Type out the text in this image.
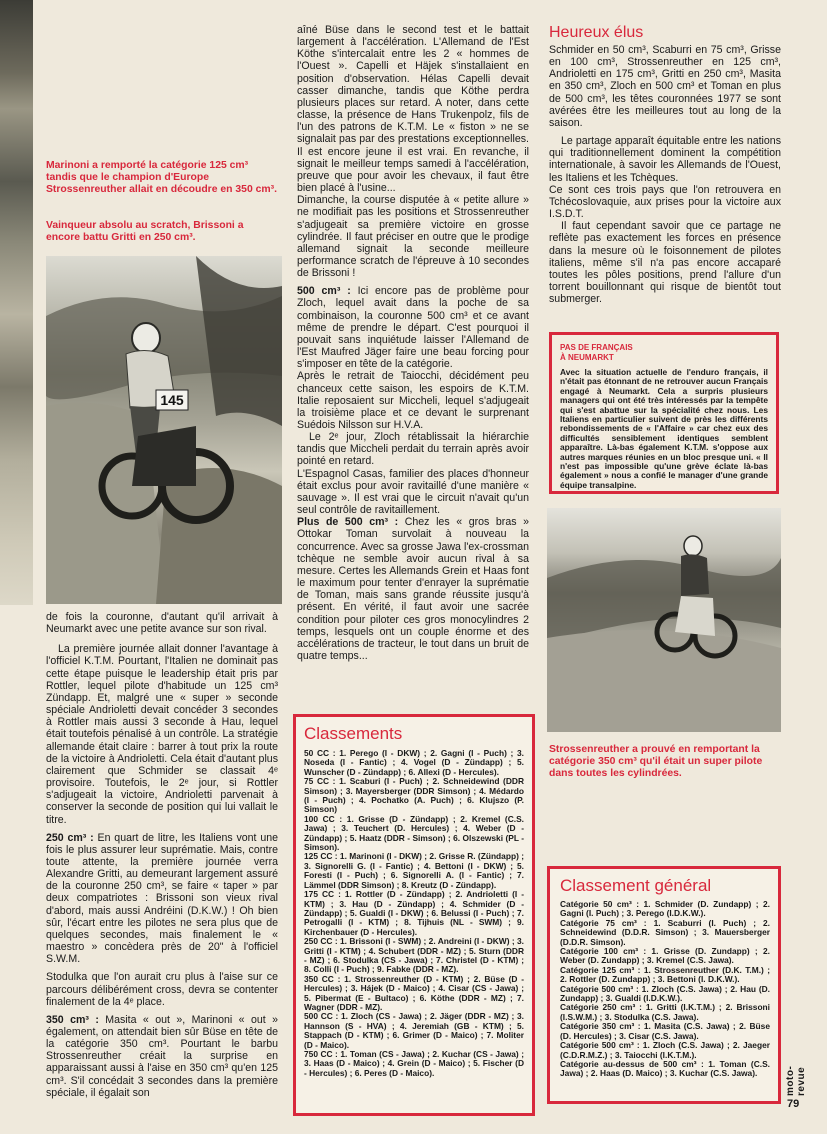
Marinoni a remporté la catégorie 125 cm³ tandis que le champion d'Europe Strossenreuther allait en découdre en 350 cm³.
Vainqueur absolu au scratch, Brissoni a encore battu Gritti en 250 cm³.
145

de fois la couronne, d'autant qu'il arrivait à Neumarkt avec une petite avance sur son rival.

La première journée allait donner l'avantage à l'officiel K.T.M. Pourtant, l'Italien ne dominait pas cette étape puisque le leadership était pris par Rottler, lequel pilote d'habitude un 125 cm³ Zündapp. Et, malgré une « super » seconde spéciale Andrioletti devait concéder 3 secondes à Rottler mais aussi 3 seconde à Hau, lequel était toutefois pénalisé à un contrôle. La stratégie allemande était claire : barrer à tout prix la route de la victoire à Andrioletti. Cela était d'autant plus clairement que Schmider se classait 4ᵉ provisoire. Toutefois, le 2ᵉ jour, si Rottler s'adjugeait la victoire, Andrioletti parvenait à conserver la seconde de position qui lui vallait le titre.

250 cm³ : En quart de litre, les Italiens vont une fois le plus assurer leur suprématie. Mais, contre toute attente, la première journée verra Alexandre Gritti, au demeurant largement assuré de la couronne 250 cm³, se faire « taper » par deux compatriotes : Brissoni son vieux rival d'abord, mais aussi Andréini (D.K.W.) ! Oh bien sûr, l'écart entre les pilotes ne sera plus que de quelques secondes, mais finalement le « maestro » concèdera près de 20" à l'officiel S.W.M.

Stodulka que l'on aurait cru plus à l'aise sur ce parcours délibérément cross, devra se contenter finalement de la 4ᵉ place.

350 cm³ : Masita « out », Marinoni « out » également, on attendait bien sûr Büse en tête de la catégorie 350 cm³. Pourtant le barbu Strossenreuther créait la surprise en apparaissant aussi à l'aise en 350 cm³ qu'en 125 cm³. S'il concédait 3 secondes dans la première spéciale, il égalait son

aîné Büse dans le second test et le battait largement à l'accélération. L'Allemand de l'Est Köthe s'intercalait entre les 2 « hommes de l'Ouest ». Capelli et Häjek s'installaient en position d'observation. Hélas Capelli devait casser dimanche, tandis que Köthe perdra plusieurs places sur retard. A noter, dans cette classe, la présence de Hans Trukenpolz, fils de l'un des patrons de K.T.M. Le « fiston » ne se signalait pas par des prestations exceptionnelles. Il est encore jeune il est vrai. En revanche, il signait le meilleur temps samedi à l'accélération, preuve que pour avoir les chevaux, il faut être bien placé à l'usine...

Dimanche, la course disputée à « petite allure » ne modifiait pas les positions et Strossenreuther s'adjugeait sa première victoire en grosse cylindrée. Il faut préciser en outre que le prodige allemand signait la seconde meilleure performance scratch de l'épreuve à 10 secondes de Brissoni !

500 cm³ : Ici encore pas de problème pour Zloch, lequel avait dans la poche de sa combinaison, la couronne 500 cm³ et ce avant même de prendre le départ. C'est pourquoi il pouvait sans inquiétude laisser l'Allemand de l'Est Maufred Jäger faire une beau forcing pour s'imposer en tête de la catégorie.

Après le retrait de Taiocchi, décidément peu chanceux cette saison, les espoirs de K.T.M. Italie reposaient sur Miccheli, lequel s'adjugeait la troisième place et ce devant le surprenant Suédois Nilsson sur H.V.A.

Le 2ᵉ jour, Zloch rétablissait la hiérarchie tandis que Miccheli perdait du terrain après avoir pointé en retard.

L'Espagnol Casas, familier des places d'honneur était exclus pour avoir ravitaillé d'une manière « sauvage ». Il est vrai que le circuit n'avait qu'un seul contrôle de ravitaillement.

Plus de 500 cm³ : Chez les « gros bras » Ottokar Toman survolait à nouveau la concurrence. Avec sa grosse Jawa l'ex-crossman tchèque ne semble avoir aucun rival à sa mesure. Certes les Allemands Grein et Haas font le maximum pour tenter d'enrayer la suprématie de Toman, mais sans grande réussite jusqu'à présent. En vérité, il faut avoir une sacrée condition pour piloter ces gros monocylindres 2 temps, lesquels ont un couple énorme et des accélérations de tracteur, le tout dans un bruit de quatre temps...

Heureux élus

Schmider en 50 cm³, Scaburri en 75 cm³, Grisse en 100 cm³, Strossenreuther en 125 cm³, Andrioletti en 175 cm³, Gritti en 250 cm³, Masita en 350 cm³, Zloch en 500 cm³ et Toman en plus de 500 cm³, les têtes couronnées 1977 se sont avérées être les meilleures tout au long de la saison.

Le partage apparaît équitable entre les nations qui traditionnellement dominent la compétition internationale, à savoir les Allemands de l'Ouest, les Italiens et les Tchèques.

Ce sont ces trois pays que l'on retrouvera en Tchécoslovaquie, aux prises pour la victoire aux I.S.D.T.

Il faut cependant savoir que ce partage ne reflète pas exactement les forces en présence dans la mesure où le foisonnement de pilotes italiens, même s'il n'a pas encore accaparé toutes les pôles positions, prend l'allure d'un torrent bouillonnant qui risque de bientôt tout submerger.

PAS DE FRANÇAIS
À NEUMARKT
Avec la situation actuelle de l'enduro français, il n'était pas étonnant de ne retrouver aucun Français engagé à Neumarkt. Cela a surpris plusieurs managers qui ont été très intéressés par la tempête qui s'est abattue sur la spécialité chez nous. Les Italiens en particulier suivent de près les différents rebondissements de « l'Affaire » car chez eux des difficultés sensiblement identiques semblent apparaître. Là-bas également K.T.M. s'oppose aux autres marques réunies en un bloc presque uni. « Il n'est pas impossible qu'une grève éclate là-bas également » nous a confié le manager d'une grande équipe transalpine.
Strossenreuther a prouvé en remportant la catégorie 350 cm³ qu'il était un super pilote dans toutes les cylindrées.
Classements

50 CC : 1. Perego (I - DKW) ; 2. Gagni (I - Puch) ; 3. Noseda (I - Fantic) ; 4. Vogel (D - Zündapp) ; 5. Wunscher (D - Zündapp) ; 6. Allexi (D - Hercules).

75 CC : 1. Scaburi (I - Puch) ; 2. Schneidewind (DDR Simson) ; 3. Mayersberger (DDR Simson) ; 4. Médardo (I - Puch) ; 4. Pochatko (A. Puch) ; 6. Klujszo (P. Simson)

100 CC : 1. Grisse (D - Zündapp) ; 2. Kremel (C.S. Jawa) ; 3. Teuchert (D. Hercules) ; 4. Weber (D - Zündapp) ; 5. Haatz (DDR - Simson) ; 6. Olszewski (PL - Simson).

125 CC : 1. Marinoni (I - DKW) ; 2. Grisse R. (Zündapp) ; 3. Signorelli G. (I - Fantic) ; 4. Bettoni (I - DKW) ; 5. Foresti (I - Puch) ; 6. Signorelli A. (I - Fantic) ; 7. Lämmel (DDR Simson) ; 8. Kreutz (D - Zündapp).

175 CC : 1. Rottler (D - Zündapp) ; 2. Andrioletti (I - KTM) ; 3. Hau (D - Zündapp) ; 4. Schmider (D - Zündapp) ; 5. Gualdi (I - DKW) ; 6. Belussi (I - Puch) ; 7. Petrogalli (I - KTM) ; 8. Tijhuis (NL - SWM) ; 9. Kirchenbauer (D - Hercules).

250 CC : 1. Brissoni (I - SWM) ; 2. Andreini (I - DKW) ; 3. Gritti (I - KTM) ; 4. Schubert (DDR - MZ) ; 5. Sturn (DDR - MZ) ; 6. Stodulka (CS - Jawa) ; 7. Christel (D - KTM) ; 8. Colli (I - Puch) ; 9. Fabke (DDR - MZ).

350 CC : 1. Strossenreuther (D - KTM) ; 2. Büse (D - Hercules) ; 3. Hájek (D - Maico) ; 4. Cisar (CS - Jawa) ; 5. Pibermat (E - Bultaco) ; 6. Köthe (DDR - MZ) ; 7. Wagner (DDR - MZ).

500 CC : 1. Zloch (CS - Jawa) ; 2. Jäger (DDR - MZ) ; 3. Hannson (S - HVA) ; 4. Jeremiah (GB - KTM) ; 5. Stappach (D - KTM) ; 6. Grimer (D - Maico) ; 7. Moliter (D - Maico).

750 CC : 1. Toman (CS - Jawa) ; 2. Kuchar (CS - Jawa) ; 3. Haas (D - Maico) ; 4. Grein (D - Maico) ; 5. Fischer (D - Hercules) ; 6. Peres (D - Maico).

Classement général

Catégorie 50 cm³ : 1. Schmider (D. Zundapp) ; 2. Gagni (I. Puch) ; 3. Perego (I.D.K.W.).

Catégorie 75 cm³ : 1. Scaburri (I. Puch) ; 2. Schneidewind (D.D.R. Simson) ; 3. Mauersberger (D.D.R. Simson).

Catégorie 100 cm³ : 1. Grisse (D. Zundapp) ; 2. Weber (D. Zundapp) ; 3. Kremel (C.S. Jawa).

Catégorie 125 cm³ : 1. Strossenreuther (D.K. T.M.) ; 2. Rottler (D. Zundapp) ; 3. Bettoni (I. D.K.W.).

Catégorie 500 cm³ : 1. Zloch (C.S. Jawa) ; 2. Hau (D. Zundapp) ; 3. Gualdi (I.D.K.W.).

Catégorie 250 cm³ : 1. Gritti (I.K.T.M.) ; 2. Brissoni (I.S.W.M.) ; 3. Stodulka (C.S. Jawa).

Catégorie 350 cm³ : 1. Masita (C.S. Jawa) ; 2. Büse (D. Hercules) ; 3. Cisar (C.S. Jawa).

Catégorie 500 cm³ : 1. Zloch (C.S. Jawa) ; 2. Jaeger (C.D.R.M.Z.) ; 3. Taiocchi (I.K.T.M.).

Catégorie au-dessus de 500 cm³ : 1. Toman (C.S. Jawa) ; 2. Haas (D. Maico) ; 3. Kuchar (C.S. Jawa).	moto-revue
79
